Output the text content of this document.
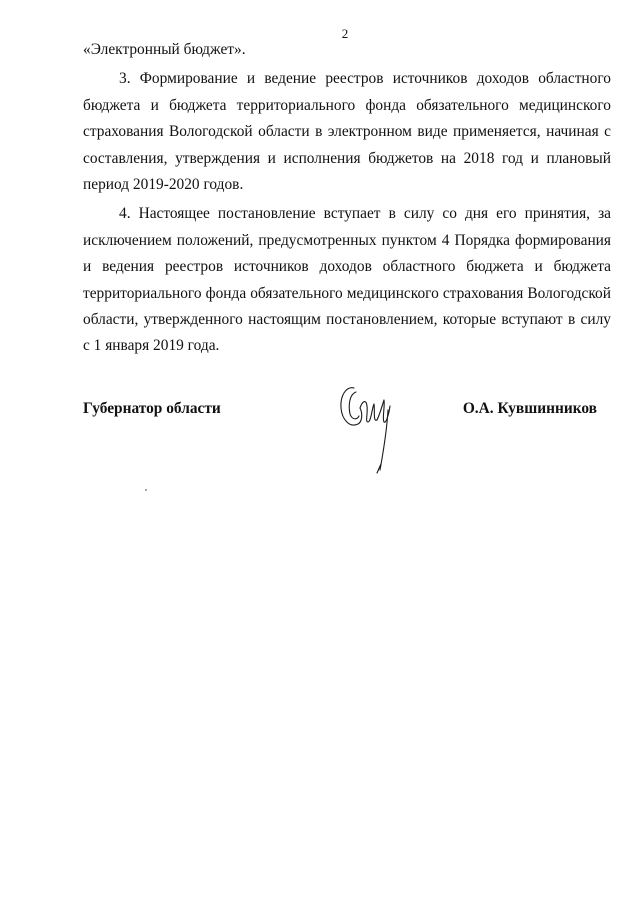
2

«Электронный бюджет».

3. Формирование и ведение реестров источников доходов областного бюджета и бюджета территориального фонда обязательного медицинского страхования Вологодской области в электронном виде применяется, начиная с составления, утверждения и исполнения бюджетов на 2018 год и плановый период 2019-2020 годов.

4. Настоящее постановление вступает в силу со дня его принятия, за исключением положений, предусмотренных пунктом 4 Порядка формирования и ведения реестров источников доходов областного бюджета и бюджета территориального фонда обязательного медицинского страхования Вологодской области, утвержденного настоящим постановлением, которые вступают в силу с 1 января 2019 года.

Губернатор области	О.А. Кувшинников
